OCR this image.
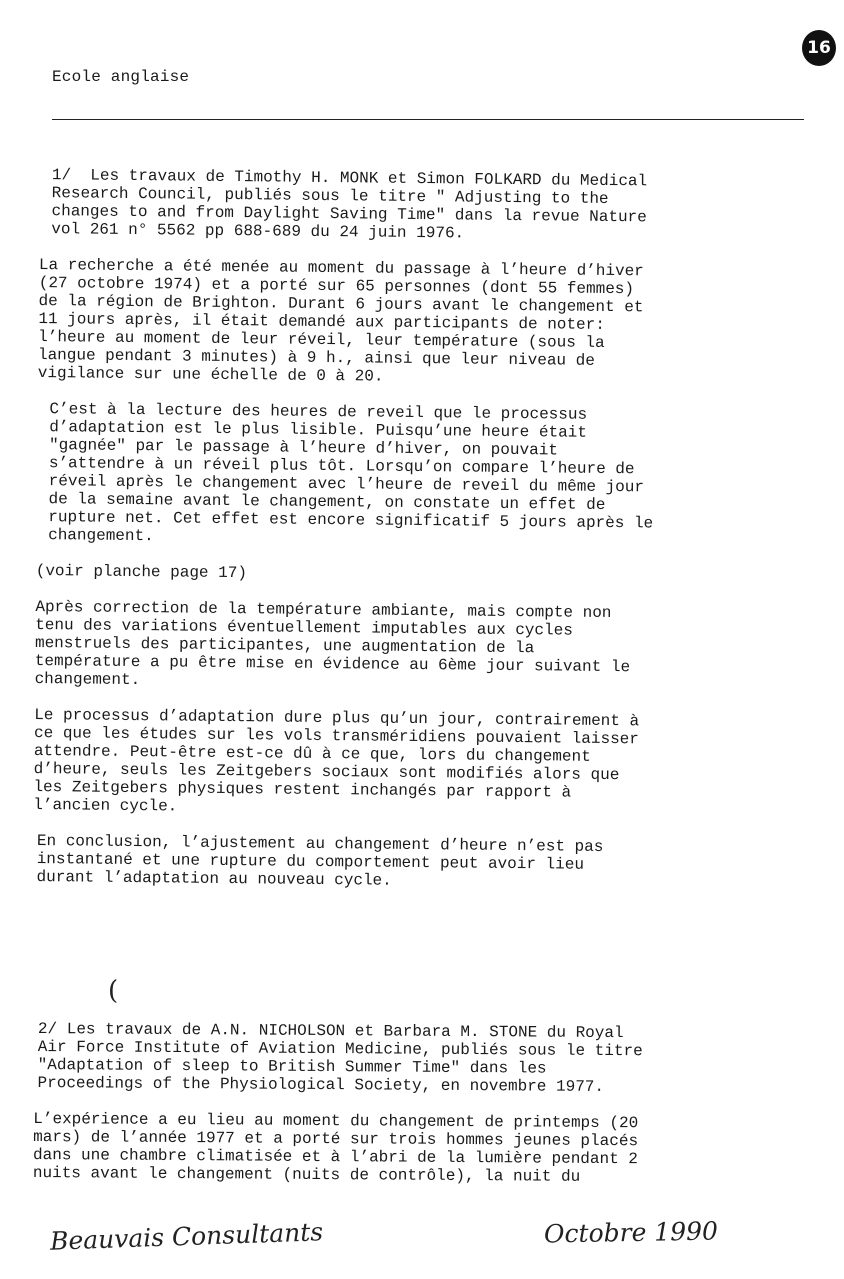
16
Ecole anglaise

1/  Les travaux de Timothy H. MONK et Simon FOLKARD du Medical
Research Council, publiés sous le titre " Adjusting to the
changes to and from Daylight Saving Time" dans la revue Nature
vol 261 n° 5562 pp 688-689 du 24 juin 1976.

La recherche a été menée au moment du passage à l’heure d’hiver
(27 octobre 1974) et a porté sur 65 personnes (dont 55 femmes)
de la région de Brighton. Durant 6 jours avant le changement et
11 jours après, il était demandé aux participants de noter:
l’heure au moment de leur réveil, leur température (sous la
langue pendant 3 minutes) à 9 h., ainsi que leur niveau de
vigilance sur une échelle de 0 à 20.

C’est à la lecture des heures de reveil que le processus
d’adaptation est le plus lisible. Puisqu’une heure était
"gagnée" par le passage à l’heure d’hiver, on pouvait
s’attendre à un réveil plus tôt. Lorsqu’on compare l’heure de
réveil après le changement avec l’heure de reveil du même jour
de la semaine avant le changement, on constate un effet de
rupture net. Cet effet est encore significatif 5 jours après le
changement.

(voir planche page 17)

Après correction de la température ambiante, mais compte non
tenu des variations éventuellement imputables aux cycles
menstruels des participantes, une augmentation de la
température a pu être mise en évidence au 6ème jour suivant le
changement.

Le processus d’adaptation dure plus qu’un jour, contrairement à
ce que les études sur les vols transméridiens pouvaient laisser
attendre. Peut-être est-ce dû à ce que, lors du changement
d’heure, seuls les Zeitgebers sociaux sont modifiés alors que
les Zeitgebers physiques restent inchangés par rapport à
l’ancien cycle.

En conclusion, l’ajustement au changement d’heure n’est pas
instantané et une rupture du comportement peut avoir lieu
durant l’adaptation au nouveau cycle.

(

2/ Les travaux de A.N. NICHOLSON et Barbara M. STONE du Royal
Air Force Institute of Aviation Medicine, publiés sous le titre
"Adaptation of sleep to British Summer Time" dans les
Proceedings of the Physiological Society, en novembre 1977.

L’expérience a eu lieu au moment du changement de printemps (20
mars) de l’année 1977 et a porté sur trois hommes jeunes placés
dans une chambre climatisée et à l’abri de la lumière pendant 2
nuits avant le changement (nuits de contrôle), la nuit du

Beauvais Consultants	Octobre 1990
